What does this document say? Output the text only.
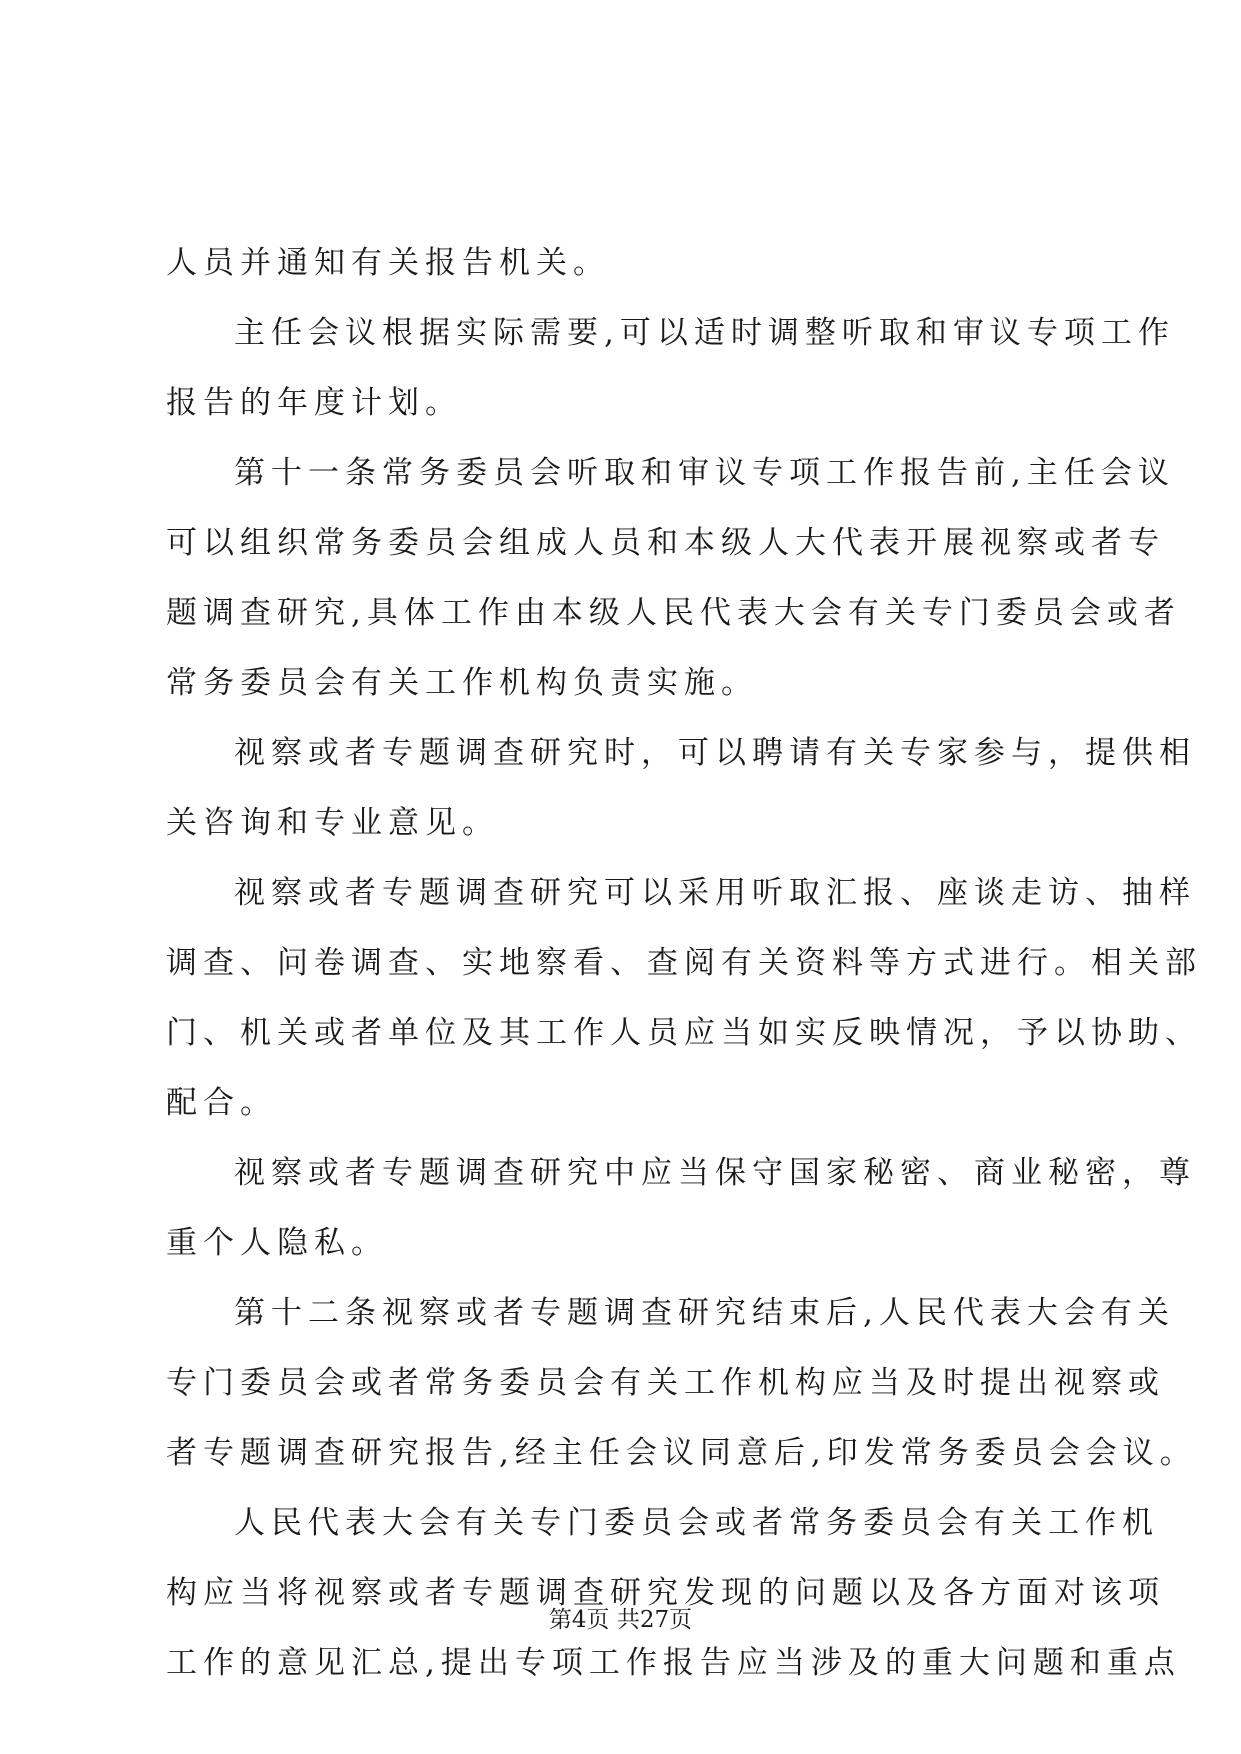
人员并通知有关报告机关。
主任会议根据实际需要,可以适时调整听取和审议专项工作
报告的年度计划。
第十一条常务委员会听取和审议专项工作报告前,主任会议
可以组织常务委员会组成人员和本级人大代表开展视察或者专
题调查研究,具体工作由本级人民代表大会有关专门委员会或者
常务委员会有关工作机构负责实施。
视察或者专题调查研究时，可以聘请有关专家参与，提供相
关咨询和专业意见。
视察或者专题调查研究可以采用听取汇报、座谈走访、抽样
调查、问卷调查、实地察看、查阅有关资料等方式进行。相关部
门、机关或者单位及其工作人员应当如实反映情况，予以协助、
配合。
视察或者专题调查研究中应当保守国家秘密、商业秘密，尊
重个人隐私。
第十二条视察或者专题调查研究结束后,人民代表大会有关
专门委员会或者常务委员会有关工作机构应当及时提出视察或
者专题调查研究报告,经主任会议同意后,印发常务委员会会议。
人民代表大会有关专门委员会或者常务委员会有关工作机
构应当将视察或者专题调查研究发现的问题以及各方面对该项
工作的意见汇总,提出专项工作报告应当涉及的重大问题和重点
第4页 共27页
